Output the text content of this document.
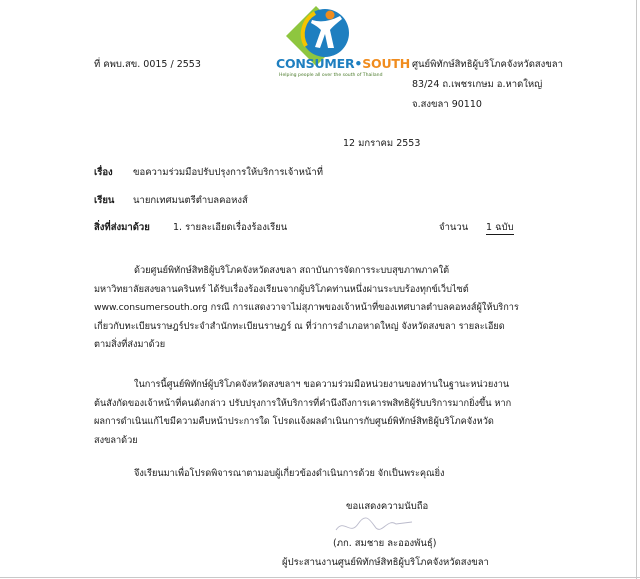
CONSUMER•SOUTH
Helping people all over the south of Thailand
ที่ คพบ.สข. 0015 / 2553	ศูนย์พิทักษ์สิทธิผู้บริโภคจังหวัดสงขลา
83/24 ถ.เพชรเกษม อ.หาดใหญ่
จ.สงขลา 90110
12 มกราคม 2553
เรื่อง ขอความร่วมมือปรับปรุงการให้บริการเจ้าหน้าที่
เรียน นายกเทศมนตรีตำบลคอหงส์
สิ่งที่ส่งมาด้วย 1. รายละเอียดเรื่องร้องเรียน	จำนวน 1 ฉบับ
ด้วยศูนย์พิทักษ์สิทธิผู้บริโภคจังหวัดสงขลา สถาบันการจัดการระบบสุขภาพภาคใต้
มหาวิทยาลัยสงขลานครินทร์ ได้รับเรื่องร้องเรียนจากผู้บริโภคท่านหนึ่งผ่านระบบร้องทุกข์เว็บไซต์
www.consumersouth.org กรณี การแสดงวาจาไม่สุภาพของเจ้าหน้าที่ของเทศบาลตำบลคอหงส์ผู้ให้บริการ
เกี่ยวกับทะเบียนราษฎร์ประจำสำนักทะเบียนราษฎร์ ณ ที่ว่าการอำเภอหาดใหญ่ จังหวัดสงขลา รายละเอียด
ตามสิ่งที่ส่งมาด้วย
ในการนี้ศูนย์พิทักษ์ผู้บริโภคจังหวัดสงขลาฯ ขอความร่วมมือหน่วยงานของท่านในฐานะหน่วยงาน
ต้นสังกัดของเจ้าหน้าที่คนดังกล่าว ปรับปรุงการให้บริการที่คำนึงถึงการเคารพสิทธิผู้รับบริการมากยิ่งขึ้น หาก
ผลการดำเนินแก้ไขมีความคืบหน้าประการใด โปรดแจ้งผลดำเนินการกับศูนย์พิทักษ์สิทธิผู้บริโภคจังหวัด
สงขลาด้วย
จึงเรียนมาเพื่อโปรดพิจารณาตามอบผู้เกี่ยวข้องดำเนินการด้วย จักเป็นพระคุณยิ่ง
ขอแสดงความนับถือ
(ภก. สมชาย ละอองพันธุ์)
ผู้ประสานงานศูนย์พิทักษ์สิทธิผู้บริโภคจังหวัดสงขลา
